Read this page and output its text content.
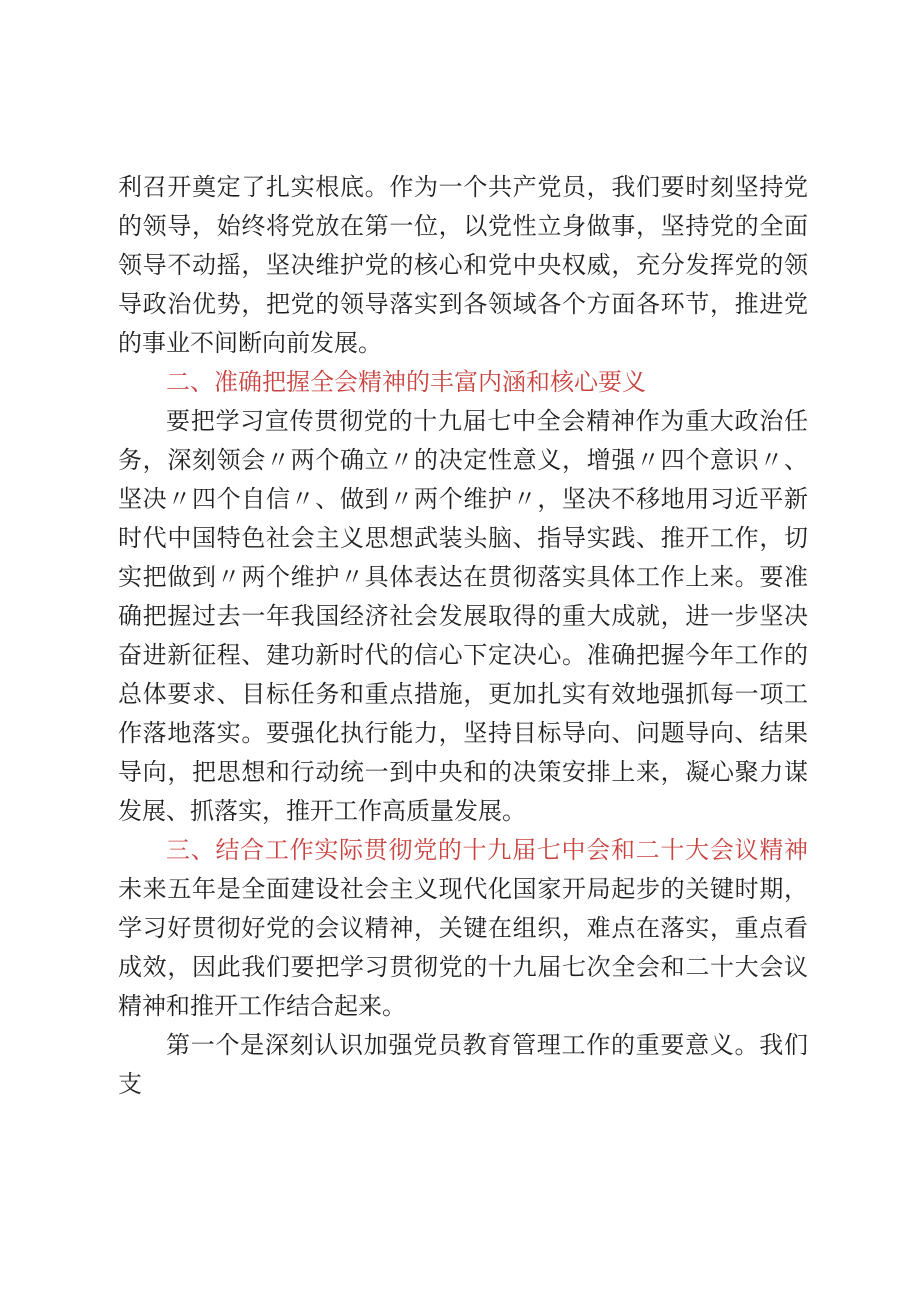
利召开奠定了扎实根底。作为一个共产党员，我们要时刻坚持党的领导，始终将党放在第一位，以党性立身做事，坚持党的全面领导不动摇，坚决维护党的核心和党中央权威，充分发挥党的领导政治优势，把党的领导落实到各领域各个方面各环节，推进党的事业不间断向前发展。

二、准确把握全会精神的丰富内涵和核心要义

要把学习宣传贯彻党的十九届七中全会精神作为重大政治任务，深刻领会〃两个确立〃的决定性意义，增强〃四个意识〃、坚决〃四个自信〃、做到〃两个维护〃，坚决不移地用习近平新时代中国特色社会主义思想武装头脑、指导实践、推开工作，切实把做到〃两个维护〃具体表达在贯彻落实具体工作上来。要准确把握过去一年我国经济社会发展取得的重大成就，进一步坚决奋进新征程、建功新时代的信心下定决心。准确把握今年工作的总体要求、目标任务和重点措施，更加扎实有效地强抓每一项工作落地落实。要强化执行能力，坚持目标导向、问题导向、结果导向，把思想和行动统一到中央和的决策安排上来，凝心聚力谋发展、抓落实，推开工作高质量发展。

三、结合工作实际贯彻党的十九届七中会和二十大会议精神未来五年是全面建设社会主义现代化国家开局起步的关键时期，学习好贯彻好党的会议精神，关键在组织，难点在落实，重点看成效，因此我们要把学习贯彻党的十九届七次全会和二十大会议精神和推开工作结合起来。

第一个是深刻认识加强党员教育管理工作的重要意义。我们支
